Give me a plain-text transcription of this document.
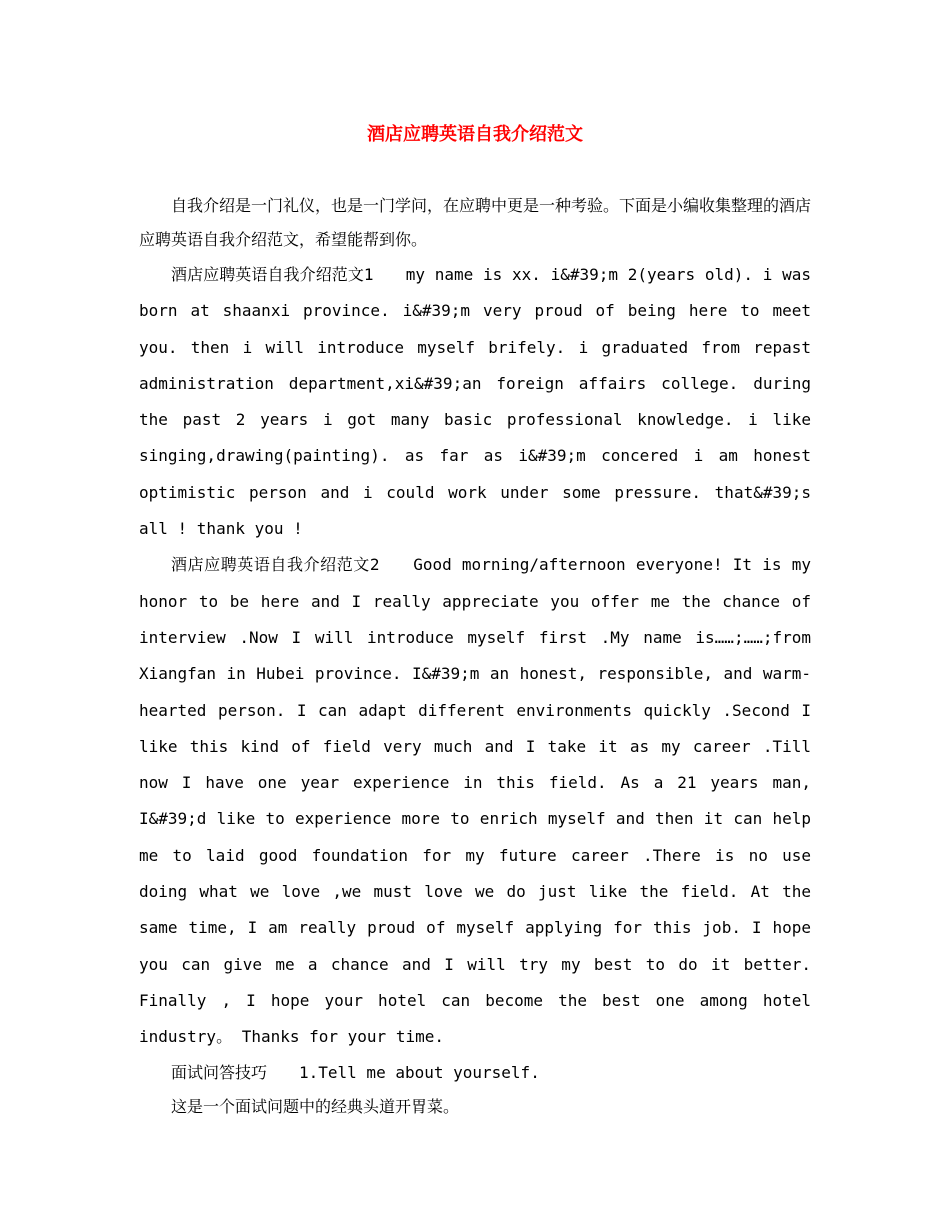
酒店应聘英语自我介绍范文

自我介绍是一门礼仪，也是一门学问，在应聘中更是一种考验。下面是小编收集整理的酒店应聘英语自我介绍范文，希望能帮到你。

酒店应聘英语自我介绍范文1　　my name is xx. i&#39;m 2(years old). i was born at shaanxi province. i&#39;m very proud of being here to meet you. then i will introduce myself brifely. i graduated from repast administration department,xi&#39;an foreign affairs college. during the past 2 years i got many basic professional knowledge. i like singing,drawing(painting). as far as i&#39;m concered i am honest optimistic person and i could work under some pressure. that&#39;s all ! thank you !

酒店应聘英语自我介绍范文2　　Good morning/afternoon everyone! It is my honor to be here and I really appreciate you offer me the chance of interview .Now I will introduce myself first .My name is……;……;from Xiangfan in Hubei province. I&#39;m an honest, responsible, and warm-hearted person. I can adapt different environments quickly .Second I like this kind of field very much and I take it as my career .Till now I have one year experience in this field. As a 21 years man, I&#39;d like to experience more to enrich myself and then it can help me to laid good foundation for my future career .There is no use doing what we love ,we must love we do just like the field. At the same time, I am really proud of myself applying for this job. I hope you can give me a chance and I will try my best to do it better. Finally , I hope your hotel can become the best one among hotel industry。 Thanks for your time.

面试问答技巧　　1.Tell me about yourself.

这是一个面试问题中的经典头道开胃菜。
